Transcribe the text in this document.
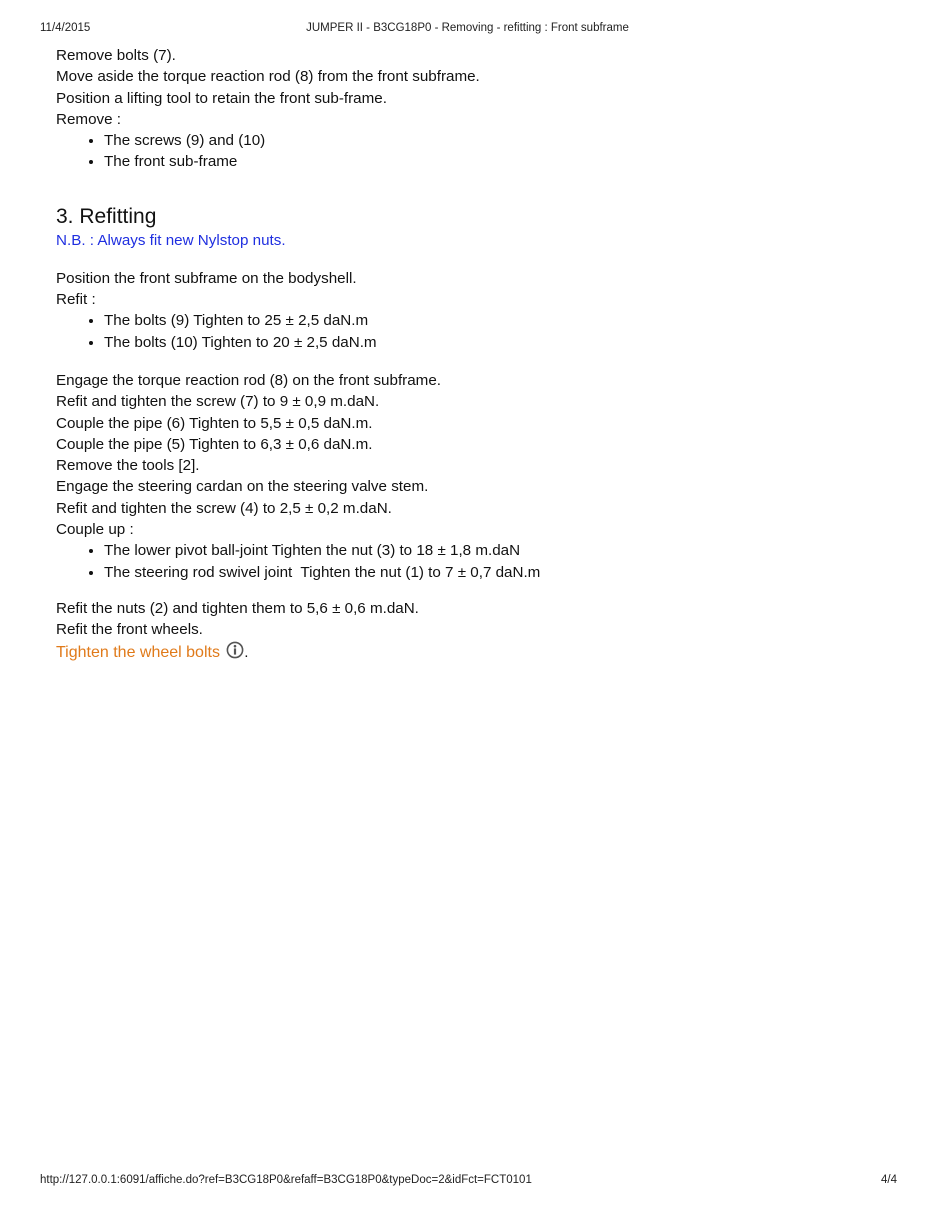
JUMPER II - B3CG18P0 - Removing - refitting : Front subframe
11/4/2015

Remove bolts (7).

Move aside the torque reaction rod (8) from the front subframe.

Position a lifting tool to retain the front sub-frame.

Remove :

• The screws (9) and (10)
• The front sub-frame
3. Refitting

N.B. : Always fit new Nylstop nuts.

Position the front subframe on the bodyshell.

Refit :

• The bolts (9) Tighten to 25 ± 2,5 daN.m
• The bolts (10) Tighten to 20 ± 2,5 daN.m

Engage the torque reaction rod (8) on the front subframe.

Refit and tighten the screw (7) to 9 ± 0,9 m.daN.

Couple the pipe (6) Tighten to 5,5 ± 0,5 daN.m.

Couple the pipe (5) Tighten to 6,3 ± 0,6 daN.m.

Remove the tools [2].

Engage the steering cardan on the steering valve stem.

Refit and tighten the screw (4) to 2,5 ± 0,2 m.daN.

Couple up :

• The lower pivot ball-joint Tighten the nut (3) to 18 ± 1,8 m.daN
• The steering rod swivel joint  Tighten the nut (1) to 7 ± 0,7 daN.m

Refit the nuts (2) and tighten them to 5,6 ± 0,6 m.daN.

Refit the front wheels.

Tighten the wheel bolts .

http://127.0.0.1:6091/affiche.do?ref=B3CG18P0&refaff=B3CG18P0&typeDoc=2&idFct=FCT0101	4/4
